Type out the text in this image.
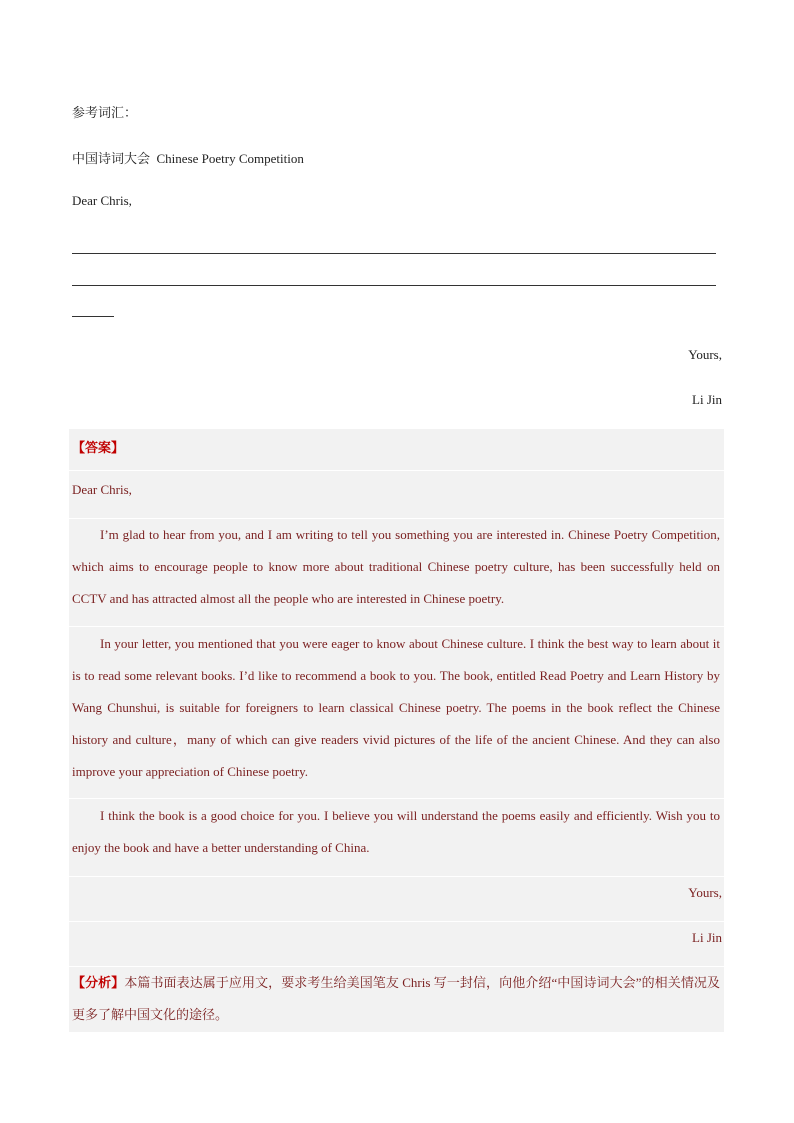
参考词汇：
中国诗词大会 Chinese Poetry Competition
Dear Chris,
Yours,
Li Jin
【答案】
Dear Chris,
I’m glad to hear from you, and I am writing to tell you something you are interested in. Chinese Poetry Competition, which aims to encourage people to know more about traditional Chinese poetry culture, has been successfully held on CCTV and has attracted almost all the people who are interested in Chinese poetry.
In your letter, you mentioned that you were eager to know about Chinese culture. I think the best way to learn about it is to read some relevant books. I’d like to recommend a book to you. The book, entitled Read Poetry and Learn History by Wang Chunshui, is suitable for foreigners to learn classical Chinese poetry. The poems in the book reflect the Chinese history and culture，many of which can give readers vivid pictures of the life of the ancient Chinese. And they can also improve your appreciation of Chinese poetry.
I think the book is a good choice for you. I believe you will understand the poems easily and efficiently. Wish you to enjoy the book and have a better understanding of China.
Yours,
Li Jin
【分析】本篇书面表达属于应用文，要求考生给美国笔友 Chris 写一封信，向他介绍“中国诗词大会”的相关情况及更多了解中国文化的途径。
